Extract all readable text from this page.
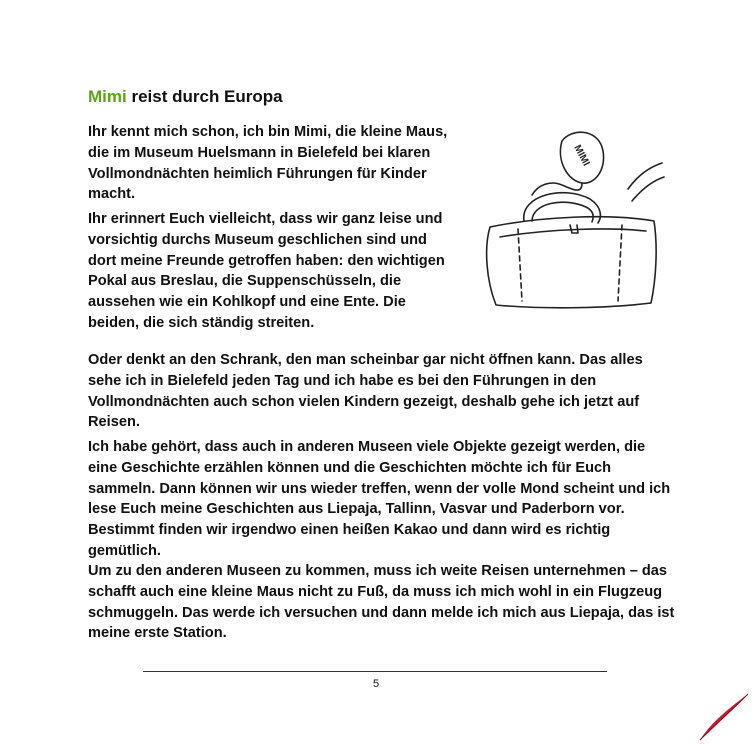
Mimi reist durch Europa

Ihr kennt mich schon, ich bin Mimi, die kleine Maus, die im Museum Huelsmann in Bielefeld bei klaren Vollmondnächten heimlich Führungen für Kinder macht.

Ihr erinnert Euch vielleicht, dass wir ganz leise und vorsichtig durchs Museum geschlichen sind und dort meine Freunde getroffen haben: den wichtigen Pokal aus Breslau, die Suppenschüsseln, die aussehen wie ein Kohlkopf und eine Ente. Die beiden, die sich ständig streiten.

MIMI

Oder denkt an den Schrank, den man scheinbar gar nicht öffnen kann. Das alles sehe ich in Bielefeld jeden Tag und ich habe es bei den Führungen in den Vollmondnächten auch schon vielen Kindern gezeigt, deshalb gehe ich jetzt auf Reisen.

Ich habe gehört, dass auch in anderen Museen viele Objekte gezeigt werden, die eine Geschichte erzählen können und die Geschichten möchte ich für Euch sammeln. Dann können wir uns wieder treffen, wenn der volle Mond scheint und ich lese Euch meine Geschichten aus Liepaja, Tallinn, Vasvar und Paderborn vor. Bestimmt finden wir irgendwo einen heißen Kakao und dann wird es richtig gemütlich.

Um zu den anderen Museen zu kommen, muss ich weite Reisen unternehmen – das schafft auch eine kleine Maus nicht zu Fuß, da muss ich mich wohl in ein Flugzeug schmuggeln. Das werde ich versuchen und dann melde ich mich aus Liepaja, das ist meine erste Station.

5
